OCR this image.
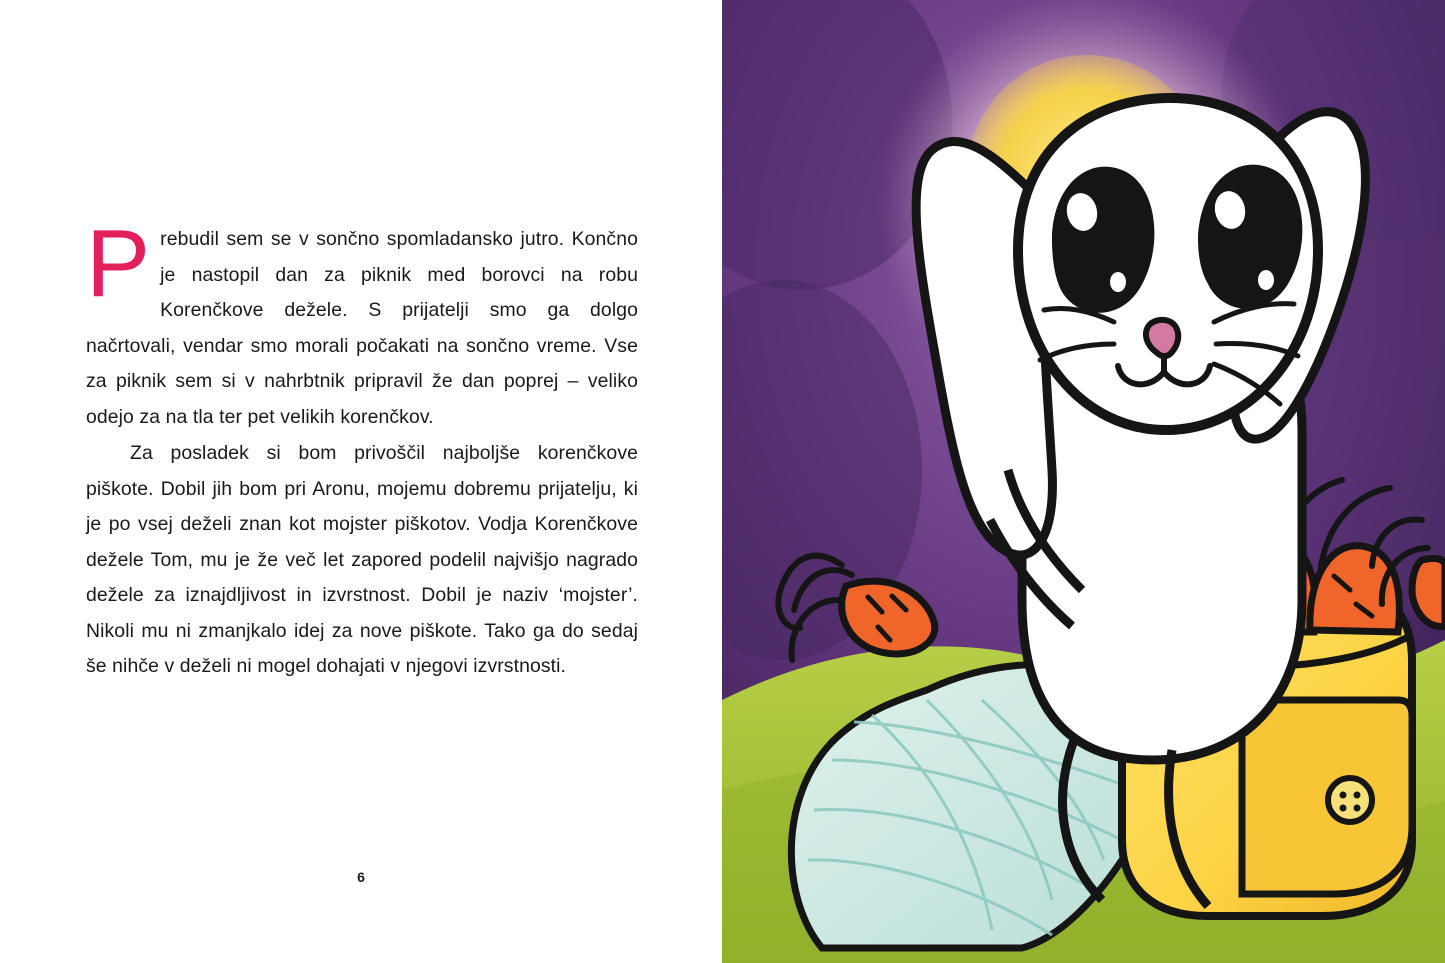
Prebudil sem se v sončno spomladansko jutro. Končno je nastopil dan za piknik med borovci na robu Korenčkove dežele. S prijatelji smo ga dolgo načrtovali, vendar smo morali počakati na sončno vreme. Vse za piknik sem si v nahrbtnik pripravil že dan poprej – veliko odejo za na tla ter pet velikih korenčkov.

Za posladek si bom privoščil najboljše korenčkove piškote. Dobil jih bom pri Aronu, mojemu dobremu prijatelju, ki je po vsej deželi znan kot mojster piškotov. Vodja Korenčkove dežele Tom, mu je že več let zapored podelil najvišjo nagrado dežele za iznajdljivost in izvrstnost. Dobil je naziv ‘mojster’. Nikoli mu ni zmanjkalo idej za nove piškote. Tako ga do sedaj še nihče v deželi ni mogel dohajati v njegovi izvrstnosti.

6
